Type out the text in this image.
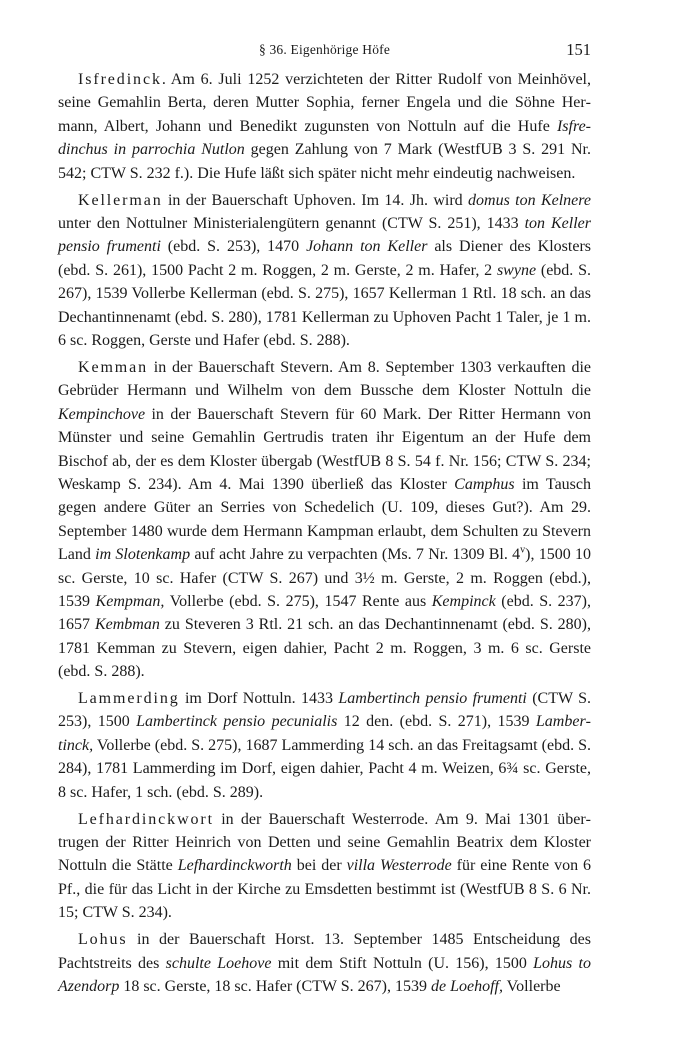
§ 36. Eigenhörige Höfe	151

Isfredinck. Am 6. Juli 1252 verzichteten der Ritter Rudolf von Meinhövel, seine Gemahlin Berta, deren Mutter Sophia, ferner Engela und die Söhne Hermann, Albert, Johann und Benedikt zugunsten von Nottuln auf die Hufe Isfredinchus in parrochia Nutlon gegen Zahlung von 7 Mark (WestfUB 3 S. 291 Nr. 542; CTW S. 232 f.). Die Hufe läßt sich später nicht mehr eindeutig nachweisen.

Kellerman in der Bauerschaft Uphoven. Im 14. Jh. wird domus ton Kelnere unter den Nottulner Ministerialengütern genannt (CTW S. 251), 1433 ton Keller pensio frumenti (ebd. S. 253), 1470 Johann ton Keller als Diener des Klosters (ebd. S. 261), 1500 Pacht 2 m. Roggen, 2 m. Gerste, 2 m. Hafer, 2 swyne (ebd. S. 267), 1539 Vollerbe Kellerman (ebd. S. 275), 1657 Kellerman 1 Rtl. 18 sch. an das Dechantinnenamt (ebd. S. 280), 1781 Kellerman zu Uphoven Pacht 1 Taler, je 1 m. 6 sc. Roggen, Gerste und Hafer (ebd. S. 288).

Kemman in der Bauerschaft Stevern. Am 8. September 1303 verkauften die Gebrüder Hermann und Wilhelm von dem Bussche dem Kloster Nottuln die Kempinchove in der Bauerschaft Stevern für 60 Mark. Der Ritter Hermann von Münster und seine Gemahlin Gertrudis traten ihr Eigentum an der Hufe dem Bischof ab, der es dem Kloster übergab (WestfUB 8 S. 54 f. Nr. 156; CTW S. 234; Weskamp S. 234). Am 4. Mai 1390 überließ das Kloster Camphus im Tausch gegen andere Güter an Serries von Schedelich (U. 109, dieses Gut?). Am 29. September 1480 wurde dem Hermann Kampman erlaubt, dem Schulten zu Stevern Land im Slotenkamp auf acht Jahre zu verpachten (Ms. 7 Nr. 1309 Bl. 4$^v$), 1500 10 sc. Gerste, 10 sc. Hafer (CTW S. 267) und 3½ m. Gerste, 2 m. Roggen (ebd.), 1539 Kempman, Vollerbe (ebd. S. 275), 1547 Rente aus Kempinck (ebd. S. 237), 1657 Kembman zu Steveren 3 Rtl. 21 sch. an das Dechantinnenamt (ebd. S. 280), 1781 Kemman zu Stevern, eigen dahier, Pacht 2 m. Roggen, 3 m. 6 sc. Gerste (ebd. S. 288).

Lammerding im Dorf Nottuln. 1433 Lambertinch pensio frumenti (CTW S. 253), 1500 Lambertinck pensio pecunialis 12 den. (ebd. S. 271), 1539 Lambertinck, Vollerbe (ebd. S. 275), 1687 Lammerding 14 sch. an das Freitagsamt (ebd. S. 284), 1781 Lammerding im Dorf, eigen dahier, Pacht 4 m. Weizen, 6¾ sc. Gerste, 8 sc. Hafer, 1 sch. (ebd. S. 289).

Lefhardinckwort in der Bauerschaft Westerrode. Am 9. Mai 1301 übertrugen der Ritter Heinrich von Detten und seine Gemahlin Beatrix dem Kloster Nottuln die Stätte Lefhardinckworth bei der villa Westerrode für eine Rente von 6 Pf., die für das Licht in der Kirche zu Emsdetten bestimmt ist (WestfUB 8 S. 6 Nr. 15; CTW S. 234).

Lohus in der Bauerschaft Horst. 13. September 1485 Entscheidung des Pachtstreits des schulte Loehove mit dem Stift Nottuln (U. 156), 1500 Lohus to Azendorp 18 sc. Gerste, 18 sc. Hafer (CTW S. 267), 1539 de Loehoff, Vollerbe
